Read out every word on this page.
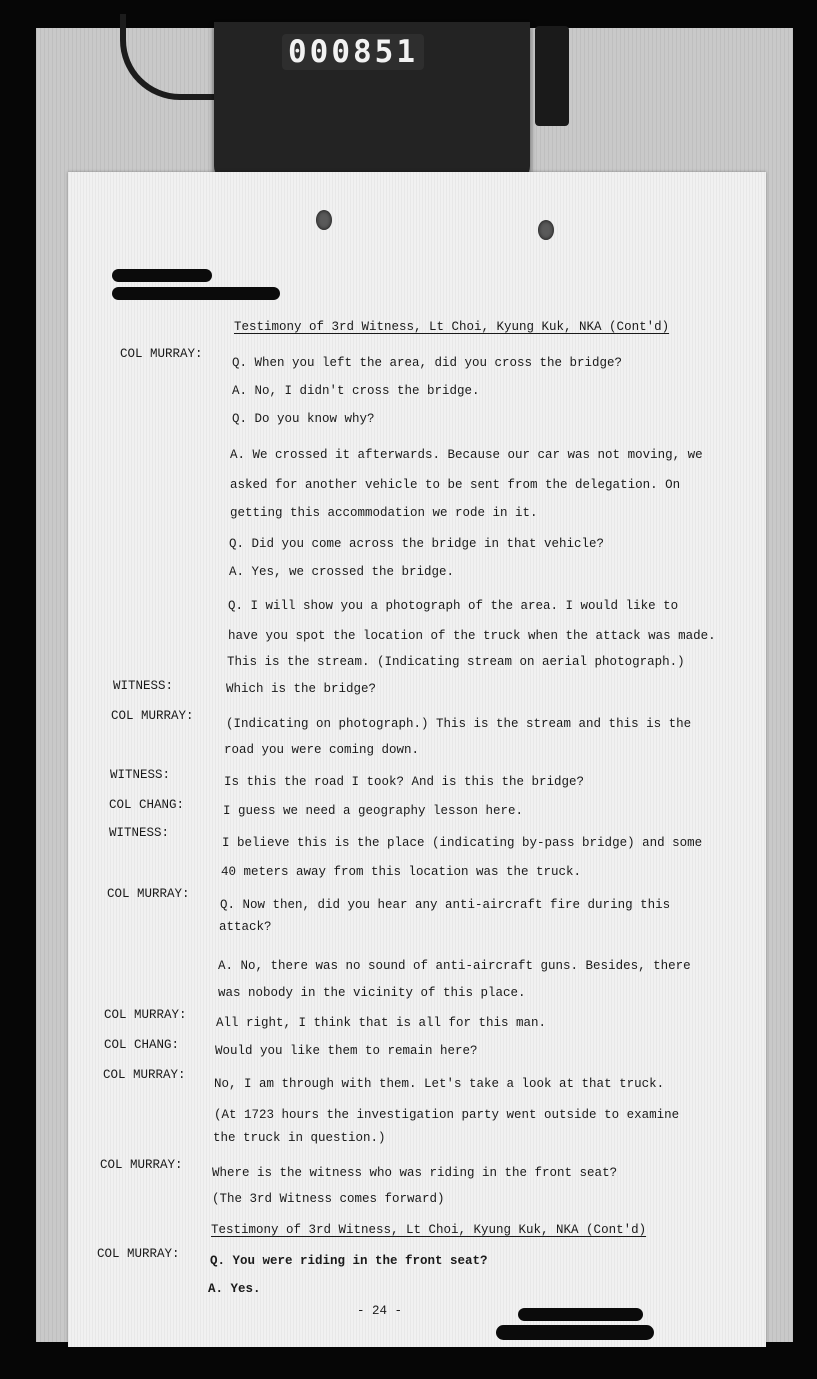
000851
Testimony of 3rd Witness, Lt Choi, Kyung Kuk, NKA (Cont'd)
COL MURRAY:
WITNESS:
COL MURRAY:
WITNESS:
COL CHANG:
WITNESS:
COL MURRAY:
COL MURRAY:
COL CHANG:
COL MURRAY:
COL MURRAY:
COL MURRAY:
Q. When you left the area, did you cross the bridge?
A. No, I didn't cross the bridge.
Q. Do you know why?
A. We crossed it afterwards. Because our car was not moving, we
asked for another vehicle to be sent from the delegation. On
getting this accommodation we rode in it.
Q. Did you come across the bridge in that vehicle?
A. Yes, we crossed the bridge.
Q. I will show you a photograph of the area. I would like to
have you spot the location of the truck when the attack was made.
This is the stream. (Indicating stream on aerial photograph.)
Which is the bridge?
(Indicating on photograph.) This is the stream and this is the
road you were coming down.
Is this the road I took? And is this the bridge?
I guess we need a geography lesson here.
I believe this is the place (indicating by-pass bridge) and some
40 meters away from this location was the truck.
Q. Now then, did you hear any anti-aircraft fire during this
attack?
A. No, there was no sound of anti-aircraft guns. Besides, there
was nobody in the vicinity of this place.
All right, I think that is all for this man.
Would you like them to remain here?
No, I am through with them. Let's take a look at that truck.
(At 1723 hours the investigation party went outside to examine
the truck in question.)
Where is the witness who was riding in the front seat?
(The 3rd Witness comes forward)
Testimony of 3rd Witness, Lt Choi, Kyung Kuk, NKA (Cont'd)
Q. You were riding in the front seat?
A. Yes.
- 24 -
